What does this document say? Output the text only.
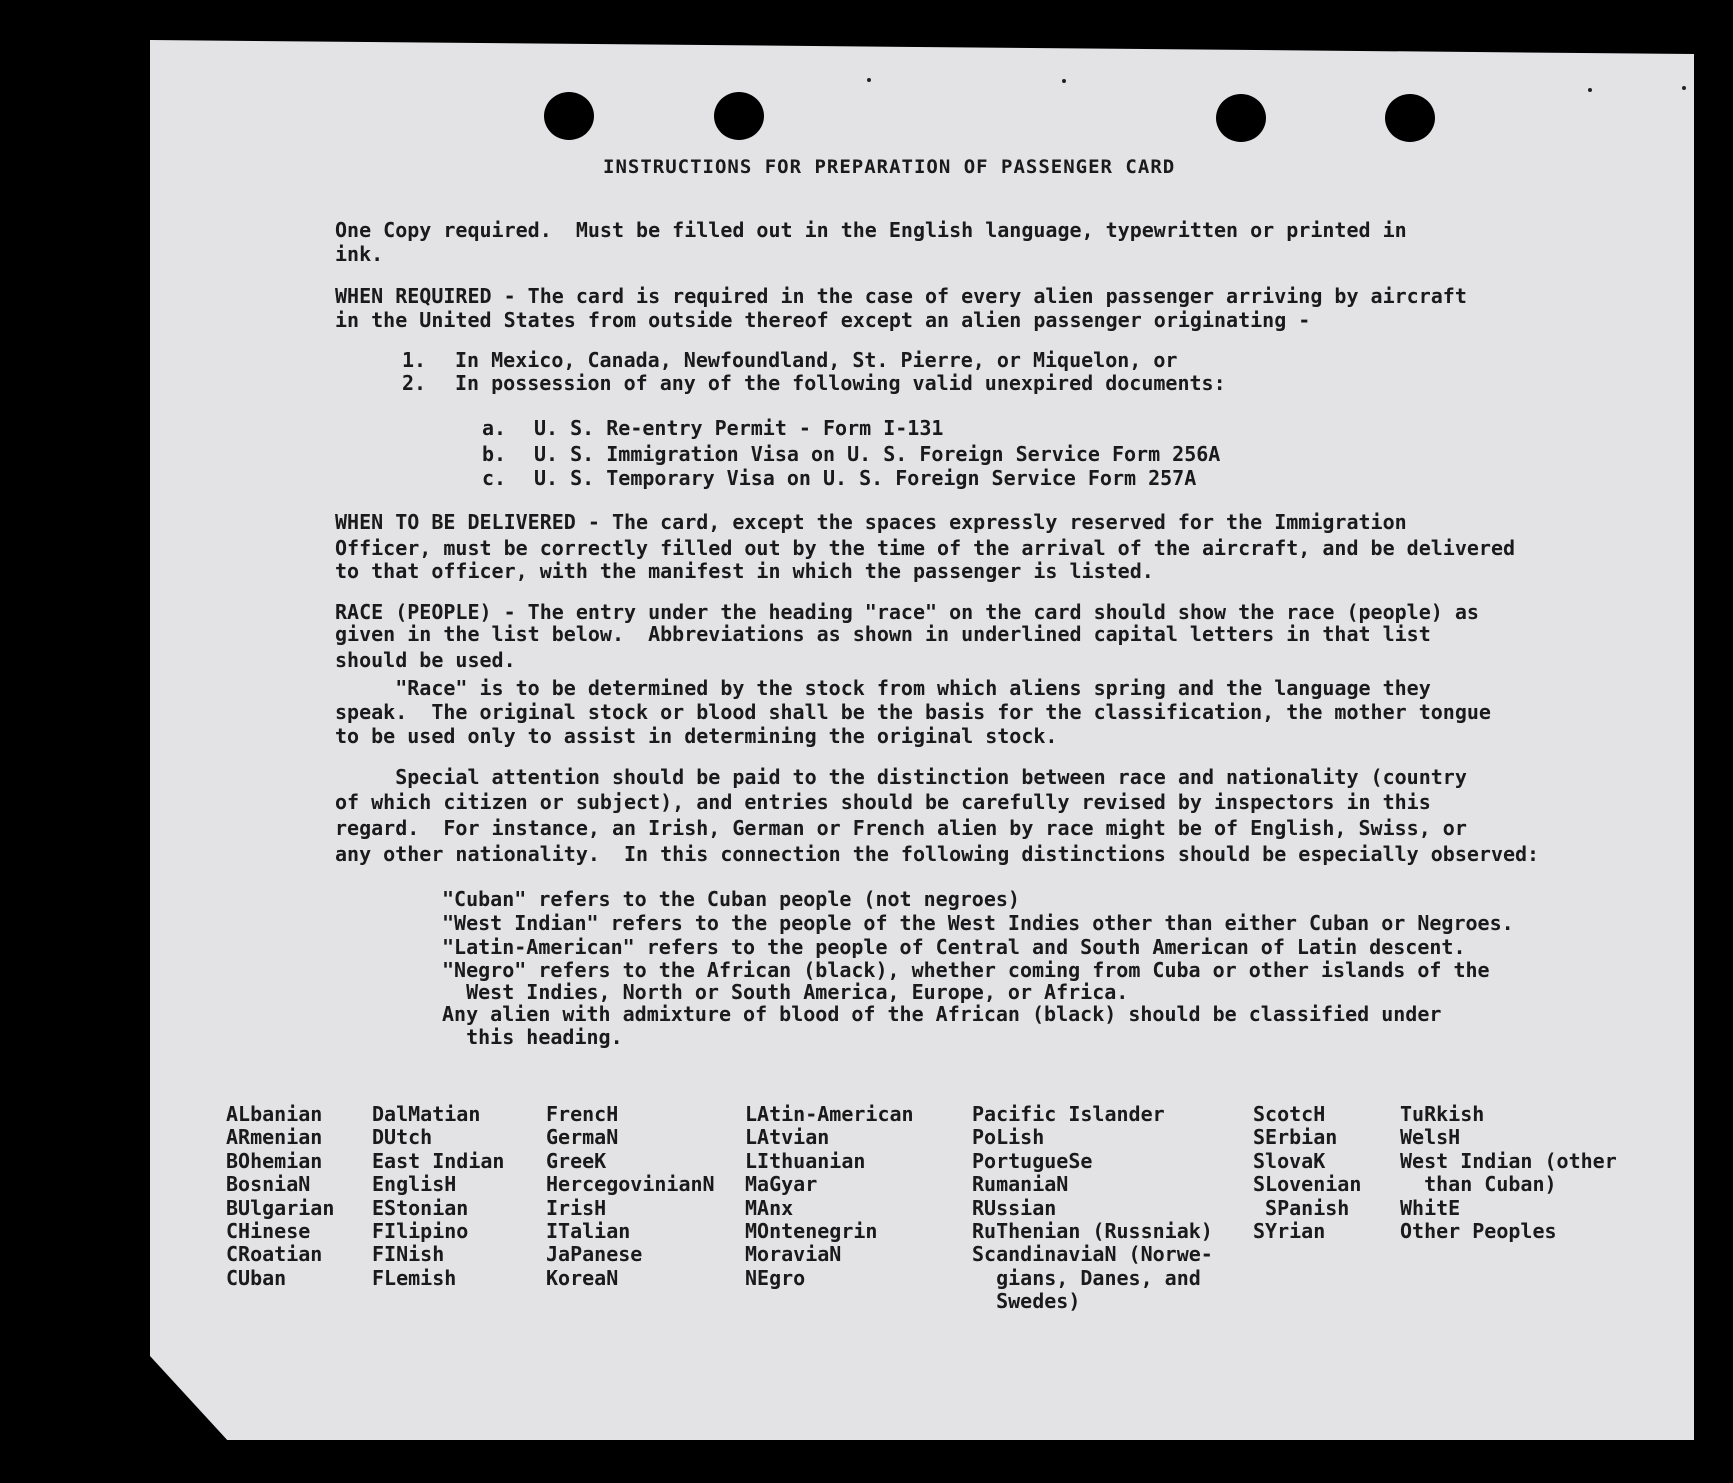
INSTRUCTIONS FOR PREPARATION OF PASSENGER CARD
One Copy required.  Must be filled out in the English language, typewritten or printed in
ink.
WHEN REQUIRED - The card is required in the case of every alien passenger arriving by aircraft
in the United States from outside thereof except an alien passenger originating -
1. In Mexico, Canada, Newfoundland, St. Pierre, or Miquelon, or
2. In possession of any of the following valid unexpired documents:
a. U. S. Re-entry Permit - Form I-131
b. U. S. Immigration Visa on U. S. Foreign Service Form 256A
c. U. S. Temporary Visa on U. S. Foreign Service Form 257A
WHEN TO BE DELIVERED - The card, except the spaces expressly reserved for the Immigration
Officer, must be correctly filled out by the time of the arrival of the aircraft, and be delivered
to that officer, with the manifest in which the passenger is listed.
RACE (PEOPLE) - The entry under the heading "race" on the card should show the race (people) as
given in the list below.  Abbreviations as shown in underlined capital letters in that list
should be used.
"Race" is to be determined by the stock from which aliens spring and the language they
speak.  The original stock or blood shall be the basis for the classification, the mother tongue
to be used only to assist in determining the original stock.
Special attention should be paid to the distinction between race and nationality (country
of which citizen or subject), and entries should be carefully revised by inspectors in this
regard.  For instance, an Irish, German or French alien by race might be of English, Swiss, or
any other nationality.  In this connection the following distinctions should be especially observed:
"Cuban" refers to the Cuban people (not negroes)
"West Indian" refers to the people of the West Indies other than either Cuban or Negroes.
"Latin-American" refers to the people of Central and South American of Latin descent.
"Negro" refers to the African (black), whether coming from Cuba or other islands of the
West Indies, North or South America, Europe, or Africa.
Any alien with admixture of blood of the African (black) should be classified under
this heading.
ALbanian
ARmenian
BOhemian
BosniaN
BUlgarian
CHinese
CRoatian
CUban
DalMatian
DUtch
East Indian
EnglisH
EStonian
FIlipino
FINish
FLemish
FrencH
GermaN
GreeK
HercegovinianN
IrisH
ITalian
JaPanese
KoreaN
LAtin-American
LAtvian
LIthuanian
MaGyar
MAnx
MOntenegrin
MoraviaN
NEgro
Pacific Islander
PoLish
PortugueSe
RumaniaN
RUssian
RuThenian (Russniak)
ScandinaviaN (Norwe-
gians, Danes, and
Swedes)
ScotcH
SErbian
SlovaK
SLovenian
SPanish
SYrian
TuRkish
WelsH
West Indian (other
than Cuban)
WhitE
Other Peoples
